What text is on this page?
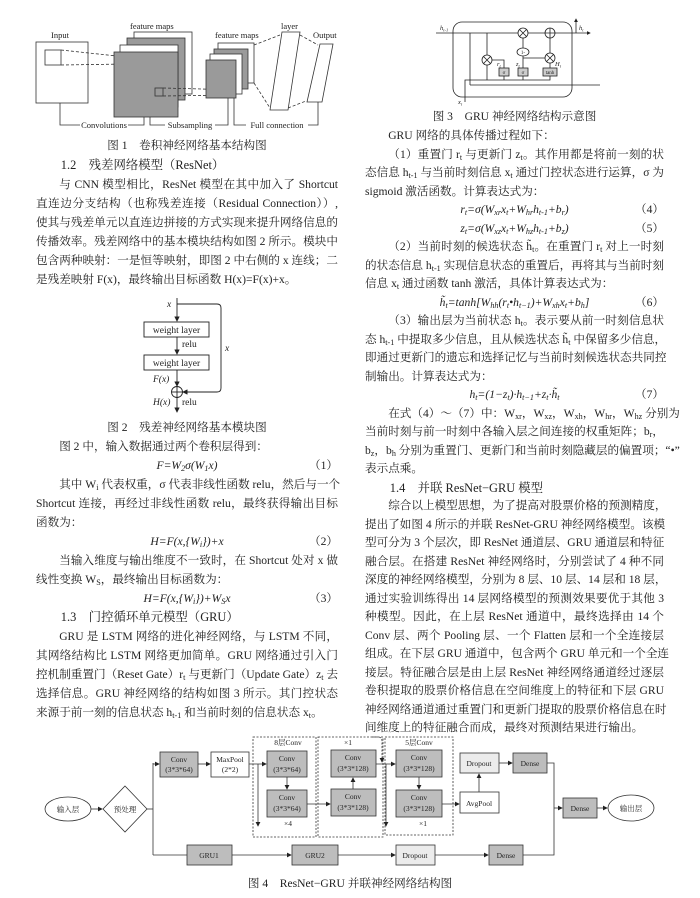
Input
feature maps
feature maps
layer
Output
Convolutions	Subsampling	Full connection
图 1　卷积神经网络基本结构图
1.2　残差网络模型（ResNet）
与 CNN 模型相比，ResNet 模型在其中加入了 Shortcut
直连边分支结构（也称残差连接（Residual Connection））,
使其与残差单元以直连边拼接的方式实现来提升网络信息的
传播效率。残差网络中的基本模块结构如图 2 所示。模块中
包含两种映射：一是恒等映射，即图 2 中右侧的 x 连线；二
是残差映射 F(x)，最终输出目标函数 H(x)=F(x)+x。
x
weight layer
relu
weight layer
F(x)
H(x) relu
x
图 2　残差神经网络基本模块图
图 2 中，输入数据通过两个卷积层得到：
$F=W_2\sigma(W_1x)$	（1）
其中 $W_i$ 代表权重，σ 代表非线性函数 relu，然后与一个
Shortcut 连接，再经过非线性函数 relu，最终获得输出目标
函数为：
$H=F(x,\{W_i\})+x$	（2）
当输入维度与输出维度不一致时，在 Shortcut 处对 x 做
线性变换 $W_S$，最终输出目标函数为：
$H=F(x,\{W_i\})+W_Sx$	（3）
1.3　门控循环单元模型（GRU）
GRU 是 LSTM 网络的进化神经网络，与 LSTM 不同，
其网络结构比 LSTM 网络更加简单。GRU 网络通过引入门
控机制重置门（Reset $Gate)r_t$ 与更新门（Update $Gate)z_t$ 去
选择信息。GRU 神经网络的结构如图 3 所示。其门控状态
来源于前一刻的信息状态 $h_{t-1}$ 和当前时刻的信息状态 $x_t$。
$h_{t-1}$	$h_t$
$x_t$
$r_t$ $z_t$	$H_t$
1-
σ	σ	tanh
图 3　GRU 神经网络结构示意图
GRU 网络的具体传播过程如下：
（1）重置门 $r_t$ 与更新门 $z_t$。其作用都是将前一刻的状
态信息 $h_{t-1}$ 与当前时刻信息 $x_t$ 通过门控状态进行运算，σ 为
sigmoid 激活函数。计算表达式为：
$r_t=\sigma(W_{xr}x_t+W_{hr}h_{t-1}+b_r)$	（4）
$z_t=\sigma(W_{xz}x_t+W_{hz}h_{t-1}+b_z)$	（5）
（2）当前时刻的候选状态 $h̃_t$。在重置门 $r_t$ 对上一时刻
的状态信息 $h_{t-1}$ 实现信息状态的重置后，再将其与当前时刻
信息 $x_t$ 通过函数 tanh 激活，具体计算表达式为：
$h̃_t=\tanh[W_{hh}(r_t•h_{t-1})+W_{xh}x_t+b_h]$	（6）
（3）输出层为当前状态 $h_t$。表示要从前一时刻信息状
态 $h_{t-1}$ 中提取多少信息，且从候选状态 $h̃_t$ 中保留多少信息，
即通过更新门的遗忘和选择记忆与当前时刻候选状态共同控
制输出。计算表达式为：
$h_t=(1-z_t)\cdot h_{t-1}+z_t\cdot h̃_t$	（7）
在式（4）～（7）中：$W_{xr}$，$W_{xz}$，$W_{xh}$，$W_{hr}$，$W_{hz}$ 分别为
当前时刻与前一时刻中各输入层之间连接的权重矩阵；$b_r$，
$b_z$，$b_h$ 分别为重置门、更新门和当前时刻隐藏层的偏置项；“•”
表示点乘。
1.4　并联 ResNet−GRU 模型
综合以上模型思想，为了提高对股票价格的预测精度，
提出了如图 4 所示的并联 ResNet-GRU 神经网络模型。该模
型可分为 3 个层次，即 ResNet 通道层、GRU 通道层和特征
融合层。在搭建 ResNet 神经网络时，分别尝试了 4 种不同
深度的神经网络模型，分别为 8 层、10 层、14 层和 18 层，
通过实验训练得出 14 层网络模型的预测效果要优于其他 3
种模型。因此，在上层 ResNet 通道中，最终选择由 14 个
Conv 层、两个 Pooling 层、一个 Flatten 层和一个全连接层
组成。在下层 GRU 通道中，包含两个 GRU 单元和一个全连
接层。特征融合层是由上层 ResNet 神经网络通道经过逐层
卷积提取的股票价格信息在空间维度上的特征和下层 GRU
神经网络通道通过重置门和更新门提取的股票价格信息在时
间维度上的特征融合而成，最终对预测结果进行输出。
输入层	预处理
Conv
(3*3*64)
MaxPool
(2*2)
8层Conv
Conv
(3*3*64)
Conv
(3*3*64)
×4
×1
Conv
(3*3*128)
Conv
(3*3*128)
5层Conv
Conv
(3*3*128)
Conv
(3*3*128)
×1
AvgPool
Dropout	Dense
Dense	输出层
GRU1	GRU2	Dropout	Dense
图 4　ResNet−GRU 并联神经网络结构图
